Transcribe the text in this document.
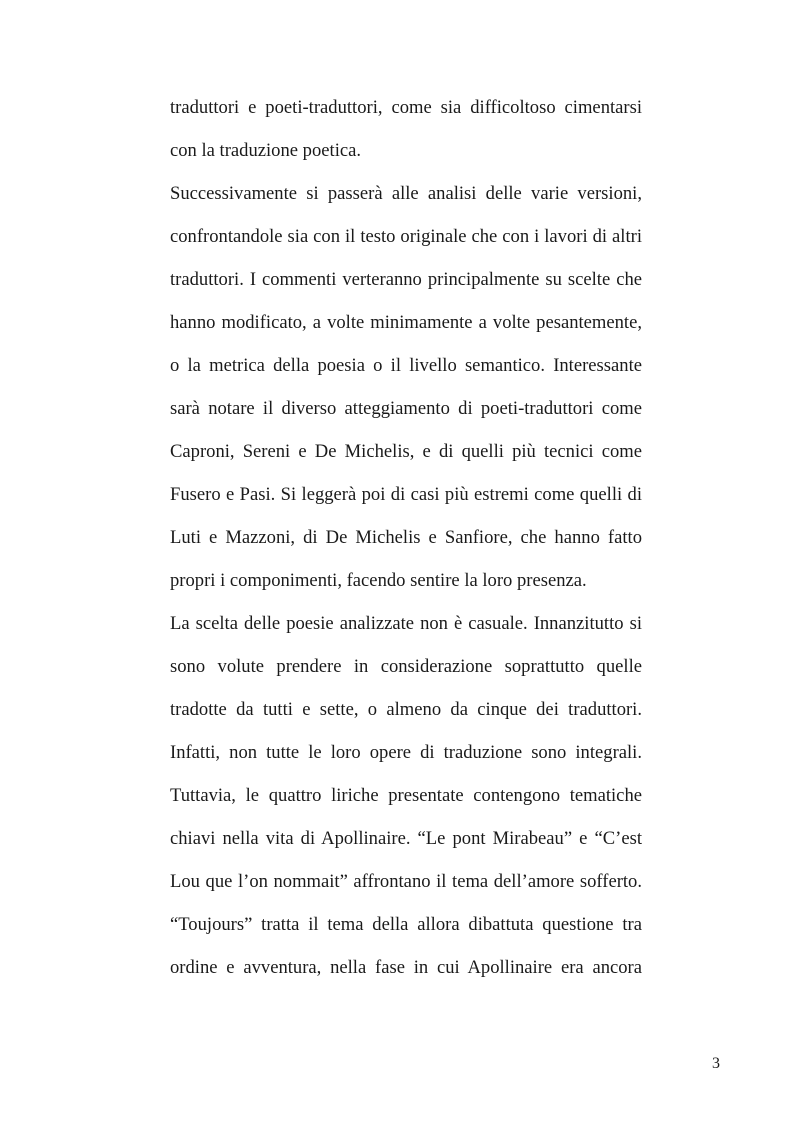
traduttori e poeti-traduttori, come sia difficoltoso cimentarsi
con la traduzione poetica.
Successivamente si passerà alle analisi delle varie versioni,
confrontandole sia con il testo originale che con i lavori di altri
traduttori. I commenti verteranno principalmente su scelte che
hanno modificato, a volte minimamente a volte pesantemente,
o la metrica della poesia o il livello semantico. Interessante
sarà notare il diverso atteggiamento di poeti-traduttori come
Caproni, Sereni e De Michelis, e di quelli più tecnici come
Fusero e Pasi. Si leggerà poi di casi più estremi come quelli di
Luti e Mazzoni, di De Michelis e Sanfiore, che hanno fatto
propri i componimenti, facendo sentire la loro presenza.
La scelta delle poesie analizzate non è casuale. Innanzitutto si
sono volute prendere in considerazione soprattutto quelle
tradotte da tutti e sette, o almeno da cinque dei traduttori.
Infatti, non tutte le loro opere di traduzione sono integrali.
Tuttavia, le quattro liriche presentate contengono tematiche
chiavi nella vita di Apollinaire. “Le pont Mirabeau” e “C’est
Lou que l’on nommait” affrontano il tema dell’amore sofferto.
“Toujours” tratta il tema della allora dibattuta questione tra
ordine e avventura, nella fase in cui Apollinaire era ancora
3
